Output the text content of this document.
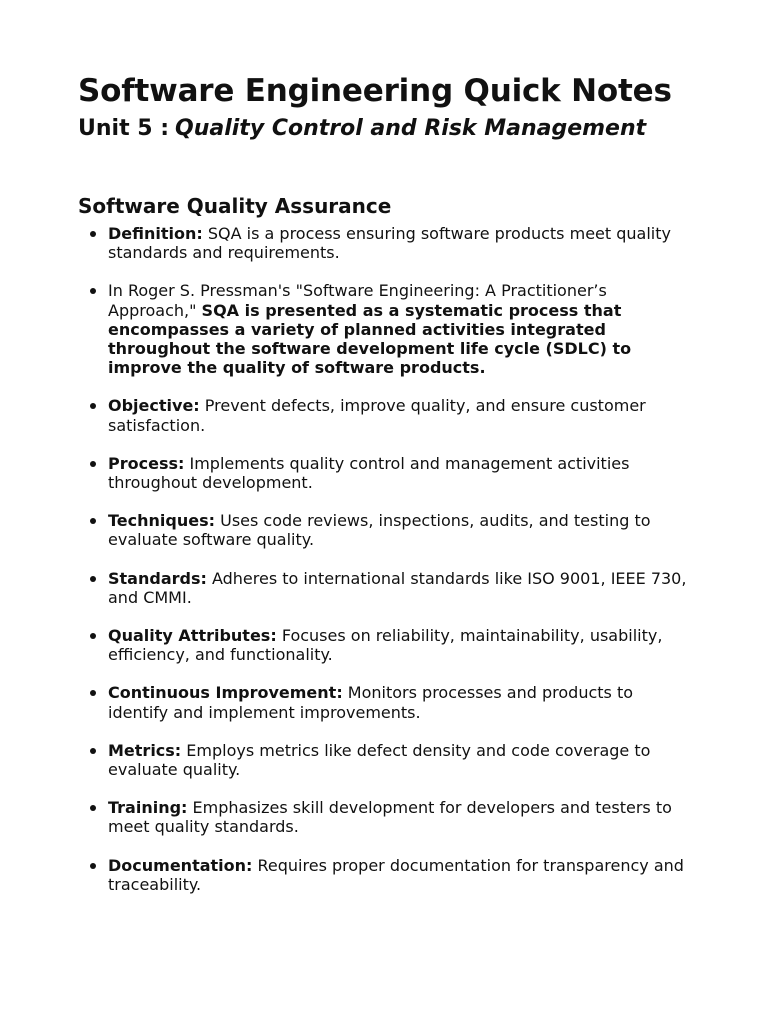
Software Engineering Quick Notes
Unit 5 : Quality Control and Risk Management
Software Quality Assurance
Definition: SQA is a process ensuring software products meet quality standards and requirements.
In Roger S. Pressman's "Software Engineering: A Practitioner’s Approach," SQA is presented as a systematic process that encompasses a variety of planned activities integrated throughout the software development life cycle (SDLC) to improve the quality of software products.
Objective: Prevent defects, improve quality, and ensure customer satisfaction.
Process: Implements quality control and management activities throughout development.
Techniques: Uses code reviews, inspections, audits, and testing to evaluate software quality.
Standards: Adheres to international standards like ISO 9001, IEEE 730, and CMMI.
Quality Attributes: Focuses on reliability, maintainability, usability, efficiency, and functionality.
Continuous Improvement: Monitors processes and products to identify and implement improvements.
Metrics: Employs metrics like defect density and code coverage to evaluate quality.
Training: Emphasizes skill development for developers and testers to meet quality standards.
Documentation: Requires proper documentation for transparency and traceability.
